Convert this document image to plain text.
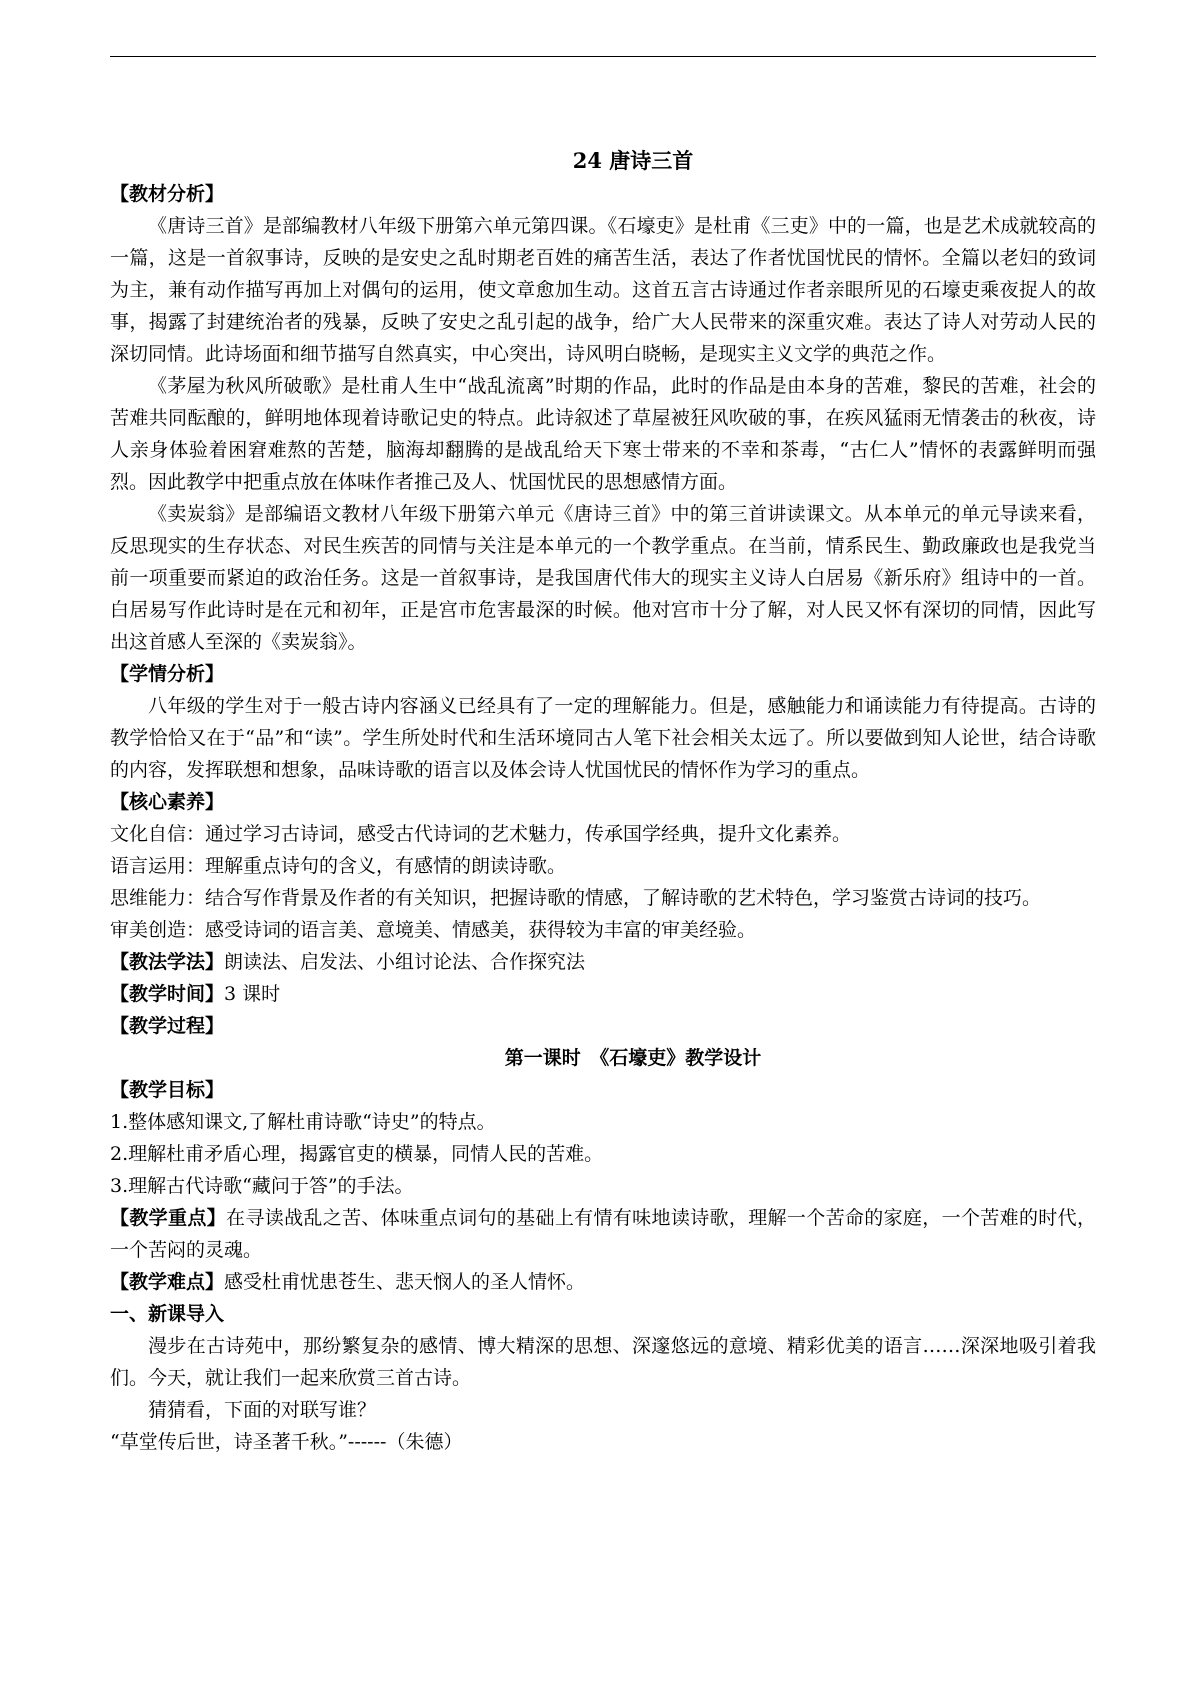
24 唐诗三首
【教材分析】

《唐诗三首》是部编教材八年级下册第六单元第四课。《石壕吏》是杜甫《三吏》中的一篇，也是艺术成就较高的一篇，这是一首叙事诗，反映的是安史之乱时期老百姓的痛苦生活，表达了作者忧国忧民的情怀。全篇以老妇的致词为主，兼有动作描写再加上对偶句的运用，使文章愈加生动。这首五言古诗通过作者亲眼所见的石壕吏乘夜捉人的故事，揭露了封建统治者的残暴，反映了安史之乱引起的战争，给广大人民带来的深重灾难。表达了诗人对劳动人民的深切同情。此诗场面和细节描写自然真实，中心突出，诗风明白晓畅，是现实主义文学的典范之作。

《茅屋为秋风所破歌》是杜甫人生中“战乱流离”时期的作品，此时的作品是由本身的苦难，黎民的苦难，社会的苦难共同酝酿的，鲜明地体现着诗歌记史的特点。此诗叙述了草屋被狂风吹破的事，在疾风猛雨无情袭击的秋夜，诗人亲身体验着困窘难熬的苦楚，脑海却翻腾的是战乱给天下寒士带来的不幸和茶毒，“古仁人”情怀的表露鲜明而强烈。因此教学中把重点放在体味作者推己及人、忧国忧民的思想感情方面。

《卖炭翁》是部编语文教材八年级下册第六单元《唐诗三首》中的第三首讲读课文。从本单元的单元导读来看，反思现实的生存状态、对民生疾苦的同情与关注是本单元的一个教学重点。在当前，情系民生、勤政廉政也是我党当前一项重要而紧迫的政治任务。这是一首叙事诗，是我国唐代伟大的现实主义诗人白居易《新乐府》组诗中的一首。白居易写作此诗时是在元和初年，正是宫市危害最深的时候。他对宫市十分了解，对人民又怀有深切的同情，因此写出这首感人至深的《卖炭翁》。

【学情分析】

八年级的学生对于一般古诗内容涵义已经具有了一定的理解能力。但是，感触能力和诵读能力有待提高。古诗的教学恰恰又在于“品”和“读”。学生所处时代和生活环境同古人笔下社会相关太远了。所以要做到知人论世，结合诗歌的内容，发挥联想和想象，品味诗歌的语言以及体会诗人忧国忧民的情怀作为学习的重点。

【核心素养】

文化自信：通过学习古诗词，感受古代诗词的艺术魅力，传承国学经典，提升文化素养。

语言运用：理解重点诗句的含义，有感情的朗读诗歌。

思维能力：结合写作背景及作者的有关知识，把握诗歌的情感，了解诗歌的艺术特色，学习鉴赏古诗词的技巧。

审美创造：感受诗词的语言美、意境美、情感美，获得较为丰富的审美经验。

【教法学法】朗读法、启发法、小组讨论法、合作探究法
【教学时间】3 课时
【教学过程】
第一课时　《石壕吏》教学设计
【教学目标】

1.整体感知课文,了解杜甫诗歌“诗史”的特点。

2.理解杜甫矛盾心理，揭露官吏的横暴，同情人民的苦难。

3.理解古代诗歌“藏问于答”的手法。

【教学重点】在寻读战乱之苦、体味重点词句的基础上有情有味地读诗歌，理解一个苦命的家庭，一个苦难的时代，一个苦闷的灵魂。

【教学难点】感受杜甫忧患苍生、悲天悯人的圣人情怀。

一、新课导入

漫步在古诗苑中，那纷繁复杂的感情、博大精深的思想、深邃悠远的意境、精彩优美的语言……深深地吸引着我们。今天，就让我们一起来欣赏三首古诗。

猜猜看，下面的对联写谁？

“草堂传后世，诗圣著千秋。”------（朱德）
